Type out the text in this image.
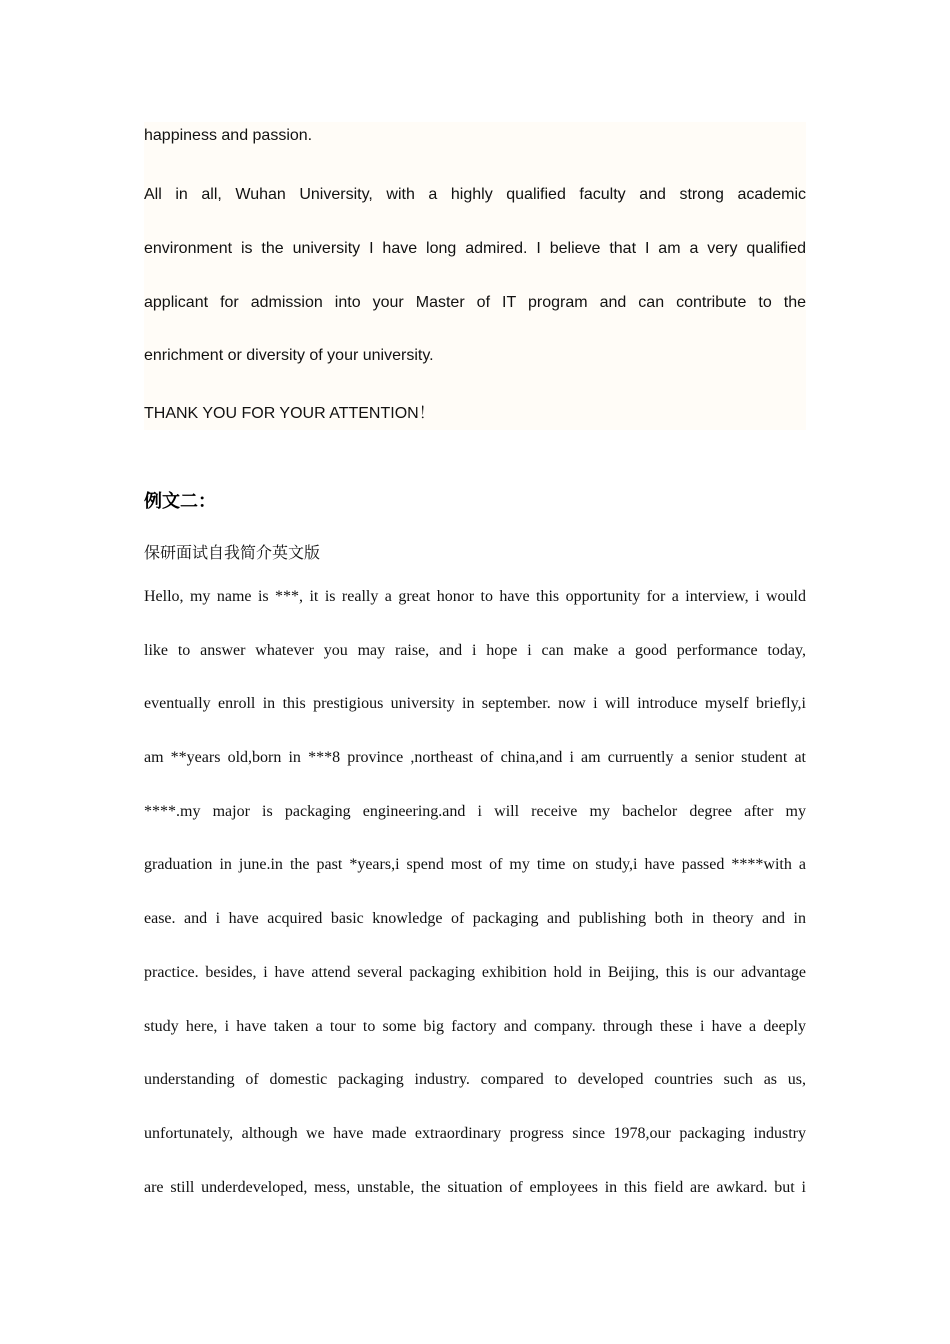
happiness and passion.
All in all, Wuhan University, with a highly qualified faculty and strong academic
environment is the university I have long admired. I believe that I am a very qualified
applicant for admission into your Master of IT program and can contribute to the
enrichment or diversity of your university.
THANK YOU FOR YOUR ATTENTION！
例文二：
保研面试自我简介英文版
Hello, my name is ***, it is really a great honor to have this opportunity for a interview, i would
like to answer whatever you may raise, and i hope i can make a good performance today,
eventually enroll in this prestigious university in september. now i will introduce myself briefly,i
am **years old,born in ***8 province ,northeast of china,and i am curruently a senior student at
****.my major is packaging engineering.and i will receive my bachelor degree after my
graduation in june.in the past *years,i spend most of my time on study,i have passed ****with a
ease. and i have acquired basic knowledge of packaging and publishing both in theory and in
practice. besides, i have attend several packaging exhibition hold in Beijing, this is our advantage
study here, i have taken a tour to some big factory and company. through these i have a deeply
understanding of domestic packaging industry. compared to developed countries such as us,
unfortunately, although we have made extraordinary progress since 1978,our packaging industry
are still underdeveloped, mess, unstable, the situation of employees in this field are awkard. but i
